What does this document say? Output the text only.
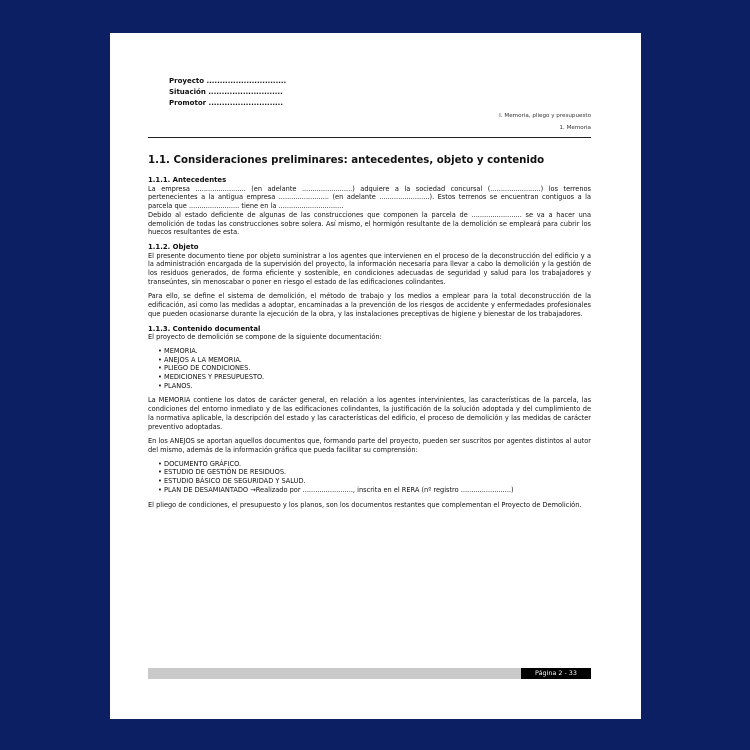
Proyecto ..............................
Situación ............................
Promotor ............................
I. Memoria, pliego y presupuesto
1. Memoria
1.1. Consideraciones preliminares: antecedentes, objeto y contenido
1.1.1. Antecedentes

La empresa ........................ (en adelante ........................) adquiere a la sociedad concursal (........................) los terrenos pertenecientes a la antigua empresa ........................ (en adelante ........................). Estos terrenos se encuentran contiguos a la parcela que ........................ tiene en la ...............................

Debido al estado deficiente de algunas de las construcciones que componen la parcela de ........................ se va a hacer una demolición de todas las construcciones sobre solera. Así mismo, el hormigón resultante de la demolición se empleará para cubrir los huecos resultantes de esta.

1.1.2. Objeto

El presente documento tiene por objeto suministrar a los agentes que intervienen en el proceso de la deconstrucción del edificio y a la administración encargada de la supervisión del proyecto, la información necesaria para llevar a cabo la demolición y la gestión de los residuos generados, de forma eficiente y sostenible, en condiciones adecuadas de seguridad y salud para los trabajadores y transeúntes, sin menoscabar o poner en riesgo el estado de las edificaciones colindantes.

Para ello, se define el sistema de demolición, el método de trabajo y los medios a emplear para la total deconstrucción de la edificación, así como las medidas a adoptar, encaminadas a la prevención de los riesgos de accidente y enfermedades profesionales que pueden ocasionarse durante la ejecución de la obra, y las instalaciones preceptivas de higiene y bienestar de los trabajadores.

1.1.3. Contenido documental

El proyecto de demolición se compone de la siguiente documentación:

• MEMORIA.
• ANEJOS A LA MEMORIA.
• PLIEGO DE CONDICIONES.
• MEDICIONES Y PRESUPUESTO.
• PLANOS.

La MEMORIA contiene los datos de carácter general, en relación a los agentes intervinientes, las características de la parcela, las condiciones del entorno inmediato y de las edificaciones colindantes, la justificación de la solución adoptada y del cumplimiento de la normativa aplicable, la descripción del estado y las características del edificio, el proceso de demolición y las medidas de carácter preventivo adoptadas.

En los ANEJOS se aportan aquellos documentos que, formando parte del proyecto, pueden ser suscritos por agentes distintos al autor del mismo, además de la información gráfica que pueda facilitar su comprensión:

• DOCUMENTO GRÁFICO.
• ESTUDIO DE GESTIÓN DE RESIDUOS.
• ESTUDIO BÁSICO DE SEGURIDAD Y SALUD.
• PLAN DE DESAMIANTADO →Realizado por ........................, inscrita en el RERA (nº registro ........................)

El pliego de condiciones, el presupuesto y los planos, son los documentos restantes que complementan el Proyecto de Demolición.

Página 2 - 33
